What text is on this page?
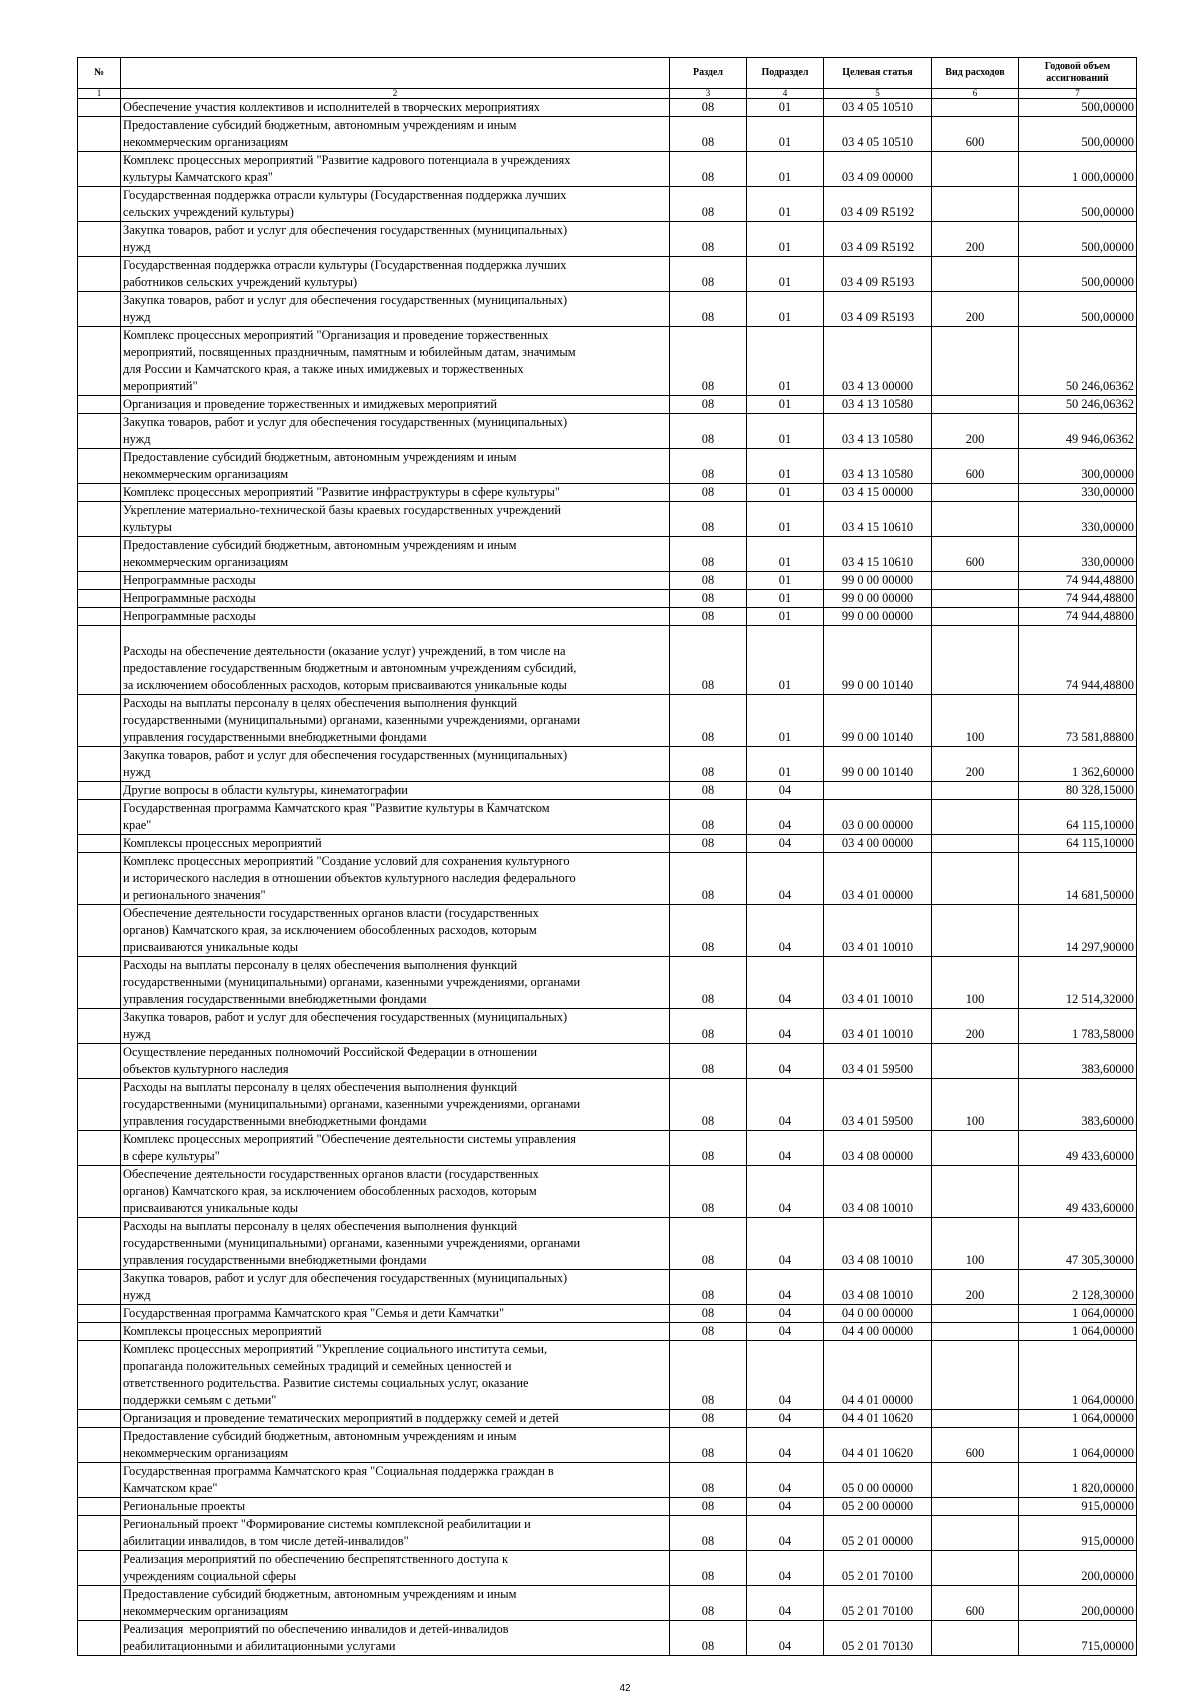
№		Раздел	Подраздел	Целевая статья	Вид расходов	Годовой объем ассигнований
1	2	3	4	5	6	7
	Обеспечение участия коллективов и исполнителей в творческих мероприятиях	08	01	03 4 05 10510		500,00000
	Предоставление субсидий бюджетным, автономным учреждениям и иным
некоммерческим организациям	08	01	03 4 05 10510	600	500,00000
	Комплекс процессных мероприятий "Развитие кадрового потенциала в учреждениях
культуры Камчатского края"	08	01	03 4 09 00000		1 000,00000
	Государственная поддержка отрасли культуры (Государственная поддержка лучших
сельских учреждений культуры)	08	01	03 4 09 R5192		500,00000
	Закупка товаров, работ и услуг для обеспечения государственных (муниципальных)
нужд	08	01	03 4 09 R5192	200	500,00000
	Государственная поддержка отрасли культуры (Государственная поддержка лучших
работников сельских учреждений культуры)	08	01	03 4 09 R5193		500,00000
	Закупка товаров, работ и услуг для обеспечения государственных (муниципальных)
нужд	08	01	03 4 09 R5193	200	500,00000
	Комплекс процессных мероприятий "Организация и проведение торжественных
мероприятий, посвященных праздничным, памятным и юбилейным датам, значимым
для России и Камчатского края, а также иных имиджевых и торжественных
мероприятий"	08	01	03 4 13 00000		50 246,06362
	Организация и проведение торжественных и имиджевых мероприятий	08	01	03 4 13 10580		50 246,06362
	Закупка товаров, работ и услуг для обеспечения государственных (муниципальных)
нужд	08	01	03 4 13 10580	200	49 946,06362
	Предоставление субсидий бюджетным, автономным учреждениям и иным
некоммерческим организациям	08	01	03 4 13 10580	600	300,00000
	Комплекс процессных мероприятий "Развитие инфраструктуры в сфере культуры"	08	01	03 4 15 00000		330,00000
	Укрепление материально-технической базы краевых государственных учреждений
культуры	08	01	03 4 15 10610		330,00000
	Предоставление субсидий бюджетным, автономным учреждениям и иным
некоммерческим организациям	08	01	03 4 15 10610	600	330,00000
	Непрограммные расходы	08	01	99 0 00 00000		74 944,48800
	Непрограммные расходы	08	01	99 0 00 00000		74 944,48800
	Непрограммные расходы	08	01	99 0 00 00000		74 944,48800

Расходы на обеспечение деятельности (оказание услуг) учреждений, в том числе на
предоставление государственным бюджетным и автономным учреждениям субсидий,
за исключением обособленных расходов, которым присваиваются уникальные коды	08	01	99 0 00 10140		74 944,48800
	Расходы на выплаты персоналу в целях обеспечения выполнения функций
государственными (муниципальными) органами, казенными учреждениями, органами
управления государственными внебюджетными фондами	08	01	99 0 00 10140	100	73 581,88800
	Закупка товаров, работ и услуг для обеспечения государственных (муниципальных)
нужд	08	01	99 0 00 10140	200	1 362,60000
	Другие вопросы в области культуры, кинематографии	08	04			80 328,15000
	Государственная программа Камчатского края "Развитие культуры в Камчатском
крае"	08	04	03 0 00 00000		64 115,10000
	Комплексы процессных мероприятий	08	04	03 4 00 00000		64 115,10000
	Комплекс процессных мероприятий "Создание условий для сохранения культурного
и исторического наследия в отношении объектов культурного наследия федерального
и регионального значения"	08	04	03 4 01 00000		14 681,50000
	Обеспечение деятельности государственных органов власти (государственных
органов) Камчатского края, за исключением обособленных расходов, которым
присваиваются уникальные коды	08	04	03 4 01 10010		14 297,90000
	Расходы на выплаты персоналу в целях обеспечения выполнения функций
государственными (муниципальными) органами, казенными учреждениями, органами
управления государственными внебюджетными фондами	08	04	03 4 01 10010	100	12 514,32000
	Закупка товаров, работ и услуг для обеспечения государственных (муниципальных)
нужд	08	04	03 4 01 10010	200	1 783,58000
	Осуществление переданных полномочий Российской Федерации в отношении
объектов культурного наследия	08	04	03 4 01 59500		383,60000
	Расходы на выплаты персоналу в целях обеспечения выполнения функций
государственными (муниципальными) органами, казенными учреждениями, органами
управления государственными внебюджетными фондами	08	04	03 4 01 59500	100	383,60000
	Комплекс процессных мероприятий "Обеспечение деятельности системы управления
в сфере культуры"	08	04	03 4 08 00000		49 433,60000
	Обеспечение деятельности государственных органов власти (государственных
органов) Камчатского края, за исключением обособленных расходов, которым
присваиваются уникальные коды	08	04	03 4 08 10010		49 433,60000
	Расходы на выплаты персоналу в целях обеспечения выполнения функций
государственными (муниципальными) органами, казенными учреждениями, органами
управления государственными внебюджетными фондами	08	04	03 4 08 10010	100	47 305,30000
	Закупка товаров, работ и услуг для обеспечения государственных (муниципальных)
нужд	08	04	03 4 08 10010	200	2 128,30000
	Государственная программа Камчатского края "Семья и дети Камчатки"	08	04	04 0 00 00000		1 064,00000
	Комплексы процессных мероприятий	08	04	04 4 00 00000		1 064,00000
	Комплекс процессных мероприятий "Укрепление социального института семьи,
пропаганда положительных семейных традиций и семейных ценностей и
ответственного родительства. Развитие системы социальных услуг, оказание
поддержки семьям с детьми"	08	04	04 4 01 00000		1 064,00000
	Организация и проведение тематических мероприятий в поддержку семей и детей	08	04	04 4 01 10620		1 064,00000
	Предоставление субсидий бюджетным, автономным учреждениям и иным
некоммерческим организациям	08	04	04 4 01 10620	600	1 064,00000
	Государственная программа Камчатского края "Социальная поддержка граждан в
Камчатском крае"	08	04	05 0 00 00000		1 820,00000
	Региональные проекты	08	04	05 2 00 00000		915,00000
	Региональный проект "Формирование системы комплексной реабилитации и
абилитации инвалидов, в том числе детей-инвалидов"	08	04	05 2 01 00000		915,00000
	Реализация мероприятий по обеспечению беспрепятственного доступа к
учреждениям социальной сферы	08	04	05 2 01 70100		200,00000
	Предоставление субсидий бюджетным, автономным учреждениям и иным
некоммерческим организациям	08	04	05 2 01 70100	600	200,00000
	Реализация  мероприятий по обеспечению инвалидов и детей-инвалидов
реабилитационными и абилитационными услугами	08	04	05 2 01 70130		715,00000
42
